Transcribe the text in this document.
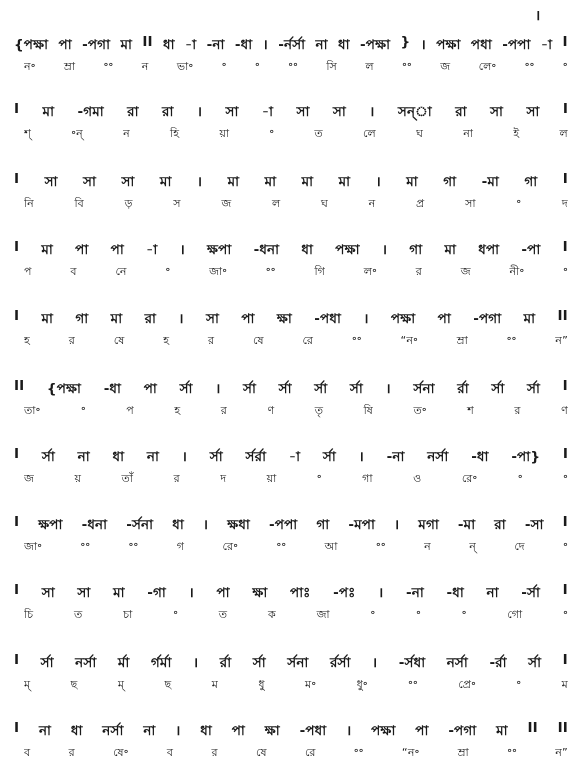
।
{পক্ষা পা -পগা মা II ধা -া -না -ধা । -র্নর্সা না ধা -পক্ষা } । পক্ষা পধা -পপা -া I
ন॰	ম্ৰা	॰॰	ন	ভা॰	॰	॰	॰॰	সি	ল	॰॰	জ	লে॰	॰॰	॰
I মা -গমা রা রা । সা -া সা সা । সন্া রা সা সা I
শ্	॰ন্	ন	হি	য়া	॰	ত	লে	ঘ	না	ই	ল
I সা সা সা মা । মা মা মা মা । মা গা -মা গা I
নি	বি	ড়	স	জ	ল	ঘ	ন	প্র	সা	॰	দ
I মা পা পা -া । ক্ষপা -ধনা ধা পক্ষা । গা মা ধপা -পা I
প	ব	নে	॰	জা॰	॰॰	গি	ল॰	র	জ	নী॰	॰
I মা গা মা রা । সা পা ক্ষা -পধা । পক্ষা পা -পগা মা II
হ	র	ষে	হ	র	ষে	রে	॰॰	“ন॰	ম্ৰা	॰॰	ন”
II {পক্ষা -ধা পা র্সা । র্সা র্সা র্সা র্সা । র্সনা র্রা র্সা র্সা I
তা॰	॰	প	হ	র	ণ	তৃ	ষি	ত॰	শ	র	ণ
I র্সা না ধা না । র্সা র্সর্রা -া র্সা । -না নর্সা -ধা -পা} I
জ	য়	তাঁ	র	দ	য়া	॰	গা	ও	রে॰	॰	॰
I ক্ষপা -ধনা -র্সনা ধা । ক্ষধা -পপা গা -মপা । মগা -মা রা -সা I
জা॰	॰॰	॰॰	গ	রে॰	॰॰	আ	॰॰	ন	ন্	দে	॰
I সা সা মা -গা । পা ক্ষা পাঃ -পঃ । -না -ধা না -র্সা I
চি	ত	চা	॰	ত	ক	জা	॰	॰	॰	গো	॰
I র্সা নর্সা র্মা র্গর্মা । র্রা র্সা র্সনা র্রর্সা । -র্সধা নর্সা -র্রা র্সা I
ম্	ছ	ম্	ছ	ম	ধু	ম॰	ধু॰	॰॰	প্রে॰	॰	ম
I না ধা নর্সা না । ধা পা ক্ষা -পধা । পক্ষা পা -পগা মা II II
ব	র	ষে॰	ব	র	ষে	রে	॰॰	“ন॰	ম্ৰা	॰॰	ন”
